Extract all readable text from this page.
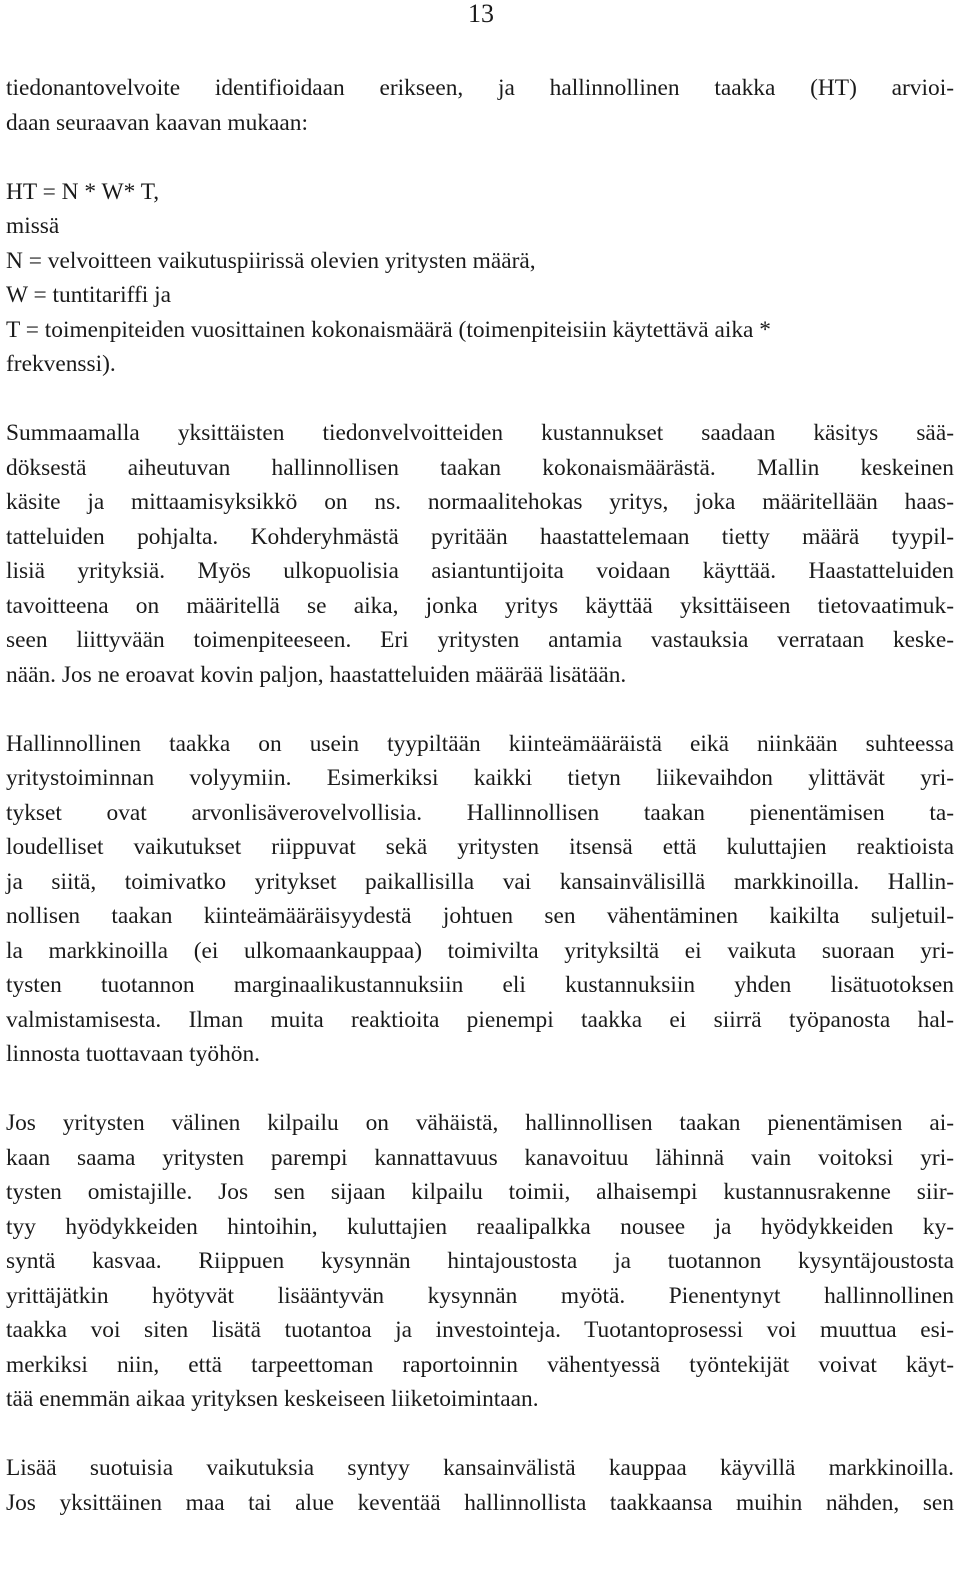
13
tiedonantovelvoite identifioidaan erikseen, ja hallinnollinen taakka (HT) arvioi-
daan seuraavan kaavan mukaan:
HT = N * W* T,
missä
N = velvoitteen vaikutuspiirissä olevien yritysten määrä,
W = tuntitariffi ja
T = toimenpiteiden vuosittainen kokonaismäärä (toimenpiteisiin käytettävä aika *
frekvenssi).
Summaamalla yksittäisten tiedonvelvoitteiden kustannukset saadaan käsitys sää-
döksestä aiheutuvan hallinnollisen taakan kokonaismäärästä. Mallin keskeinen
käsite ja mittaamisyksikkö on ns. normaalitehokas yritys, joka määritellään haas-
tatteluiden pohjalta. Kohderyhmästä pyritään haastattelemaan tietty määrä tyypil-
lisiä yrityksiä. Myös ulkopuolisia asiantuntijoita voidaan käyttää. Haastatteluiden
tavoitteena on määritellä se aika, jonka yritys käyttää yksittäiseen tietovaatimuk-
seen liittyvään toimenpiteeseen. Eri yritysten antamia vastauksia verrataan keske-
nään. Jos ne eroavat kovin paljon, haastatteluiden määrää lisätään.
Hallinnollinen taakka on usein tyypiltään kiinteämääräistä eikä niinkään suhteessa
yritystoiminnan volyymiin. Esimerkiksi kaikki tietyn liikevaihdon ylittävät yri-
tykset ovat arvonlisäverovelvollisia. Hallinnollisen taakan pienentämisen ta-
loudelliset vaikutukset riippuvat sekä yritysten itsensä että kuluttajien reaktioista
ja siitä, toimivatko yritykset paikallisilla vai kansainvälisillä markkinoilla. Hallin-
nollisen taakan kiinteämääräisyydestä johtuen sen vähentäminen kaikilta suljetuil-
la markkinoilla (ei ulkomaankauppaa) toimivilta yrityksiltä ei vaikuta suoraan yri-
tysten tuotannon marginaalikustannuksiin eli kustannuksiin yhden lisätuotoksen
valmistamisesta. Ilman muita reaktioita pienempi taakka ei siirrä työpanosta hal-
linnosta tuottavaan työhön.
Jos yritysten välinen kilpailu on vähäistä, hallinnollisen taakan pienentämisen ai-
kaan saama yritysten parempi kannattavuus kanavoituu lähinnä vain voitoksi yri-
tysten omistajille. Jos sen sijaan kilpailu toimii, alhaisempi kustannusrakenne siir-
tyy hyödykkeiden hintoihin, kuluttajien reaalipalkka nousee ja hyödykkeiden ky-
syntä kasvaa. Riippuen kysynnän hintajoustosta ja tuotannon kysyntäjoustosta
yrittäjätkin hyötyvät lisääntyvän kysynnän myötä. Pienentynyt hallinnollinen
taakka voi siten lisätä tuotantoa ja investointeja. Tuotantoprosessi voi muuttua esi-
merkiksi niin, että tarpeettoman raportoinnin vähentyessä työntekijät voivat käyt-
tää enemmän aikaa yrityksen keskeiseen liiketoimintaan.
Lisää suotuisia vaikutuksia syntyy kansainvälistä kauppaa käyvillä markkinoilla.
Jos yksittäinen maa tai alue keventää hallinnollista taakkaansa muihin nähden, sen
